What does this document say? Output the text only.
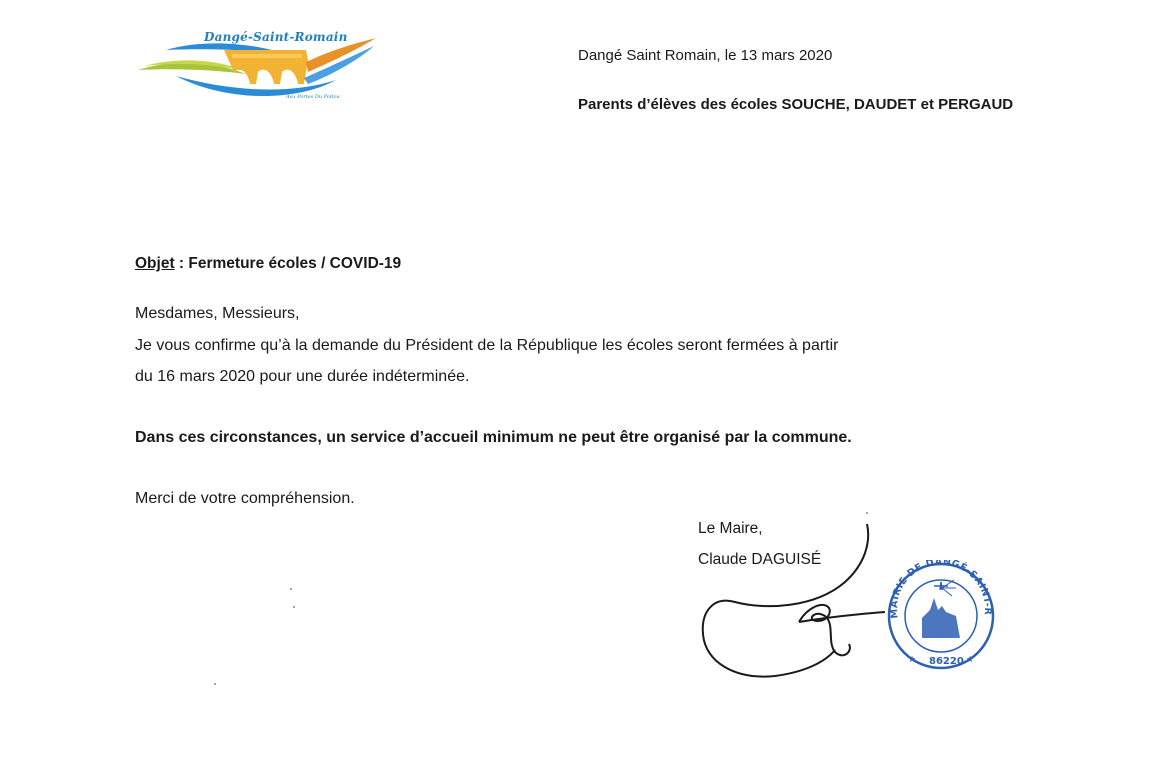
Dangé-Saint-Romain
Aux Portes Du Poitou
Dangé Saint Romain, le 13 mars 2020
Parents d’élèves des écoles SOUCHE, DAUDET et PERGAUD
Objet : Fermeture écoles / COVID-19
Mesdames, Messieurs,
Je vous confirme qu’à la demande du Président de la République les écoles seront fermées à partir
du 16 mars 2020 pour une durée indéterminée.
Dans ces circonstances, un service d’accueil minimum ne peut être organisé par la commune.
Merci de votre compréhension.
Le Maire,
Claude DAGUISÉ
MAIRIE DE DANGÉ-SAINT-R
★	★
86220
